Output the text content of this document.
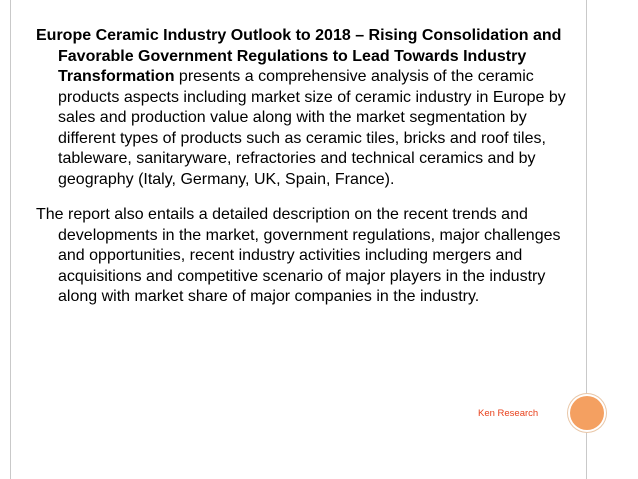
Europe Ceramic Industry Outlook to 2018 – Rising Consolidation and Favorable Government Regulations to Lead Towards Industry Transformation presents a comprehensive analysis of the ceramic products aspects including market size of ceramic industry in Europe by sales and production value along with the market segmentation by different types of products such as ceramic tiles, bricks and roof tiles, tableware, sanitaryware, refractories and technical ceramics and by geography (Italy, Germany, UK, Spain, France).

The report also entails a detailed description on the recent trends and developments in the market, government regulations, major challenges and opportunities, recent industry activities including mergers and acquisitions and competitive scenario of major players in the industry along with market share of major companies in the industry.

Ken Research
